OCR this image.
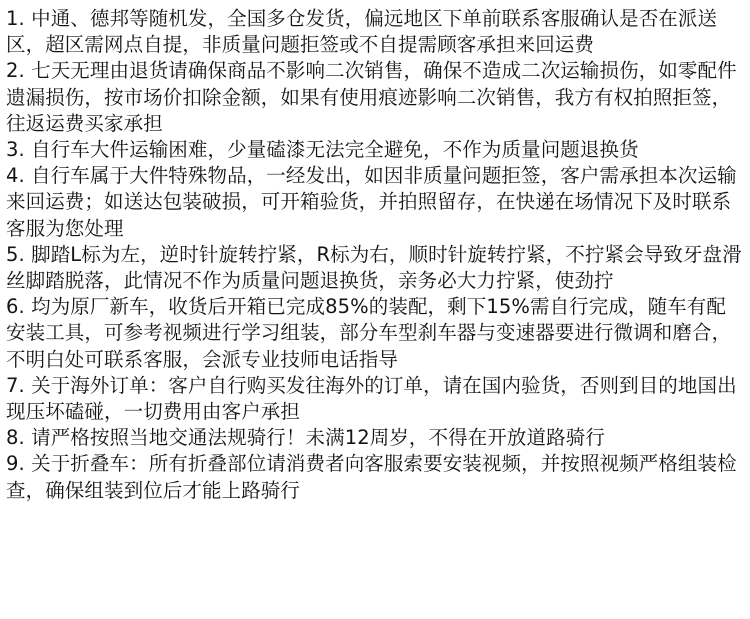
1. 中通、德邦等随机发，全国多仓发货，偏远地区下单前联系客服确认是否在派送区，超区需网点自提，非质量问题拒签或不自提需顾客承担来回运费

2. 七天无理由退货请确保商品不影响二次销售，确保不造成二次运输损伤，如零配件遗漏损伤，按市场价扣除金额，如果有使用痕迹影响二次销售，我方有权拍照拒签，往返运费买家承担

3. 自行车大件运输困难，少量磕漆无法完全避免，不作为质量问题退换货

4. 自行车属于大件特殊物品，一经发出，如因非质量问题拒签，客户需承担本次运输来回运费；如送达包装破损，可开箱验货，并拍照留存，在快递在场情况下及时联系客服为您处理

5. 脚踏L标为左，逆时针旋转拧紧，R标为右，顺时针旋转拧紧，不拧紧会导致牙盘滑丝脚踏脱落，此情况不作为质量问题退换货，亲务必大力拧紧，使劲拧

6. 均为原厂新车，收货后开箱已完成85%的装配，剩下15%需自行完成，随车有配安装工具，可参考视频进行学习组装，部分车型刹车器与变速器要进行微调和磨合，不明白处可联系客服，会派专业技师电话指导

7. 关于海外订单：客户自行购买发往海外的订单，请在国内验货，否则到目的地国出现压坏磕碰，一切费用由客户承担

8. 请严格按照当地交通法规骑行！未满12周岁，不得在开放道路骑行

9. 关于折叠车：所有折叠部位请消费者向客服索要安装视频，并按照视频严格组装检查，确保组装到位后才能上路骑行
